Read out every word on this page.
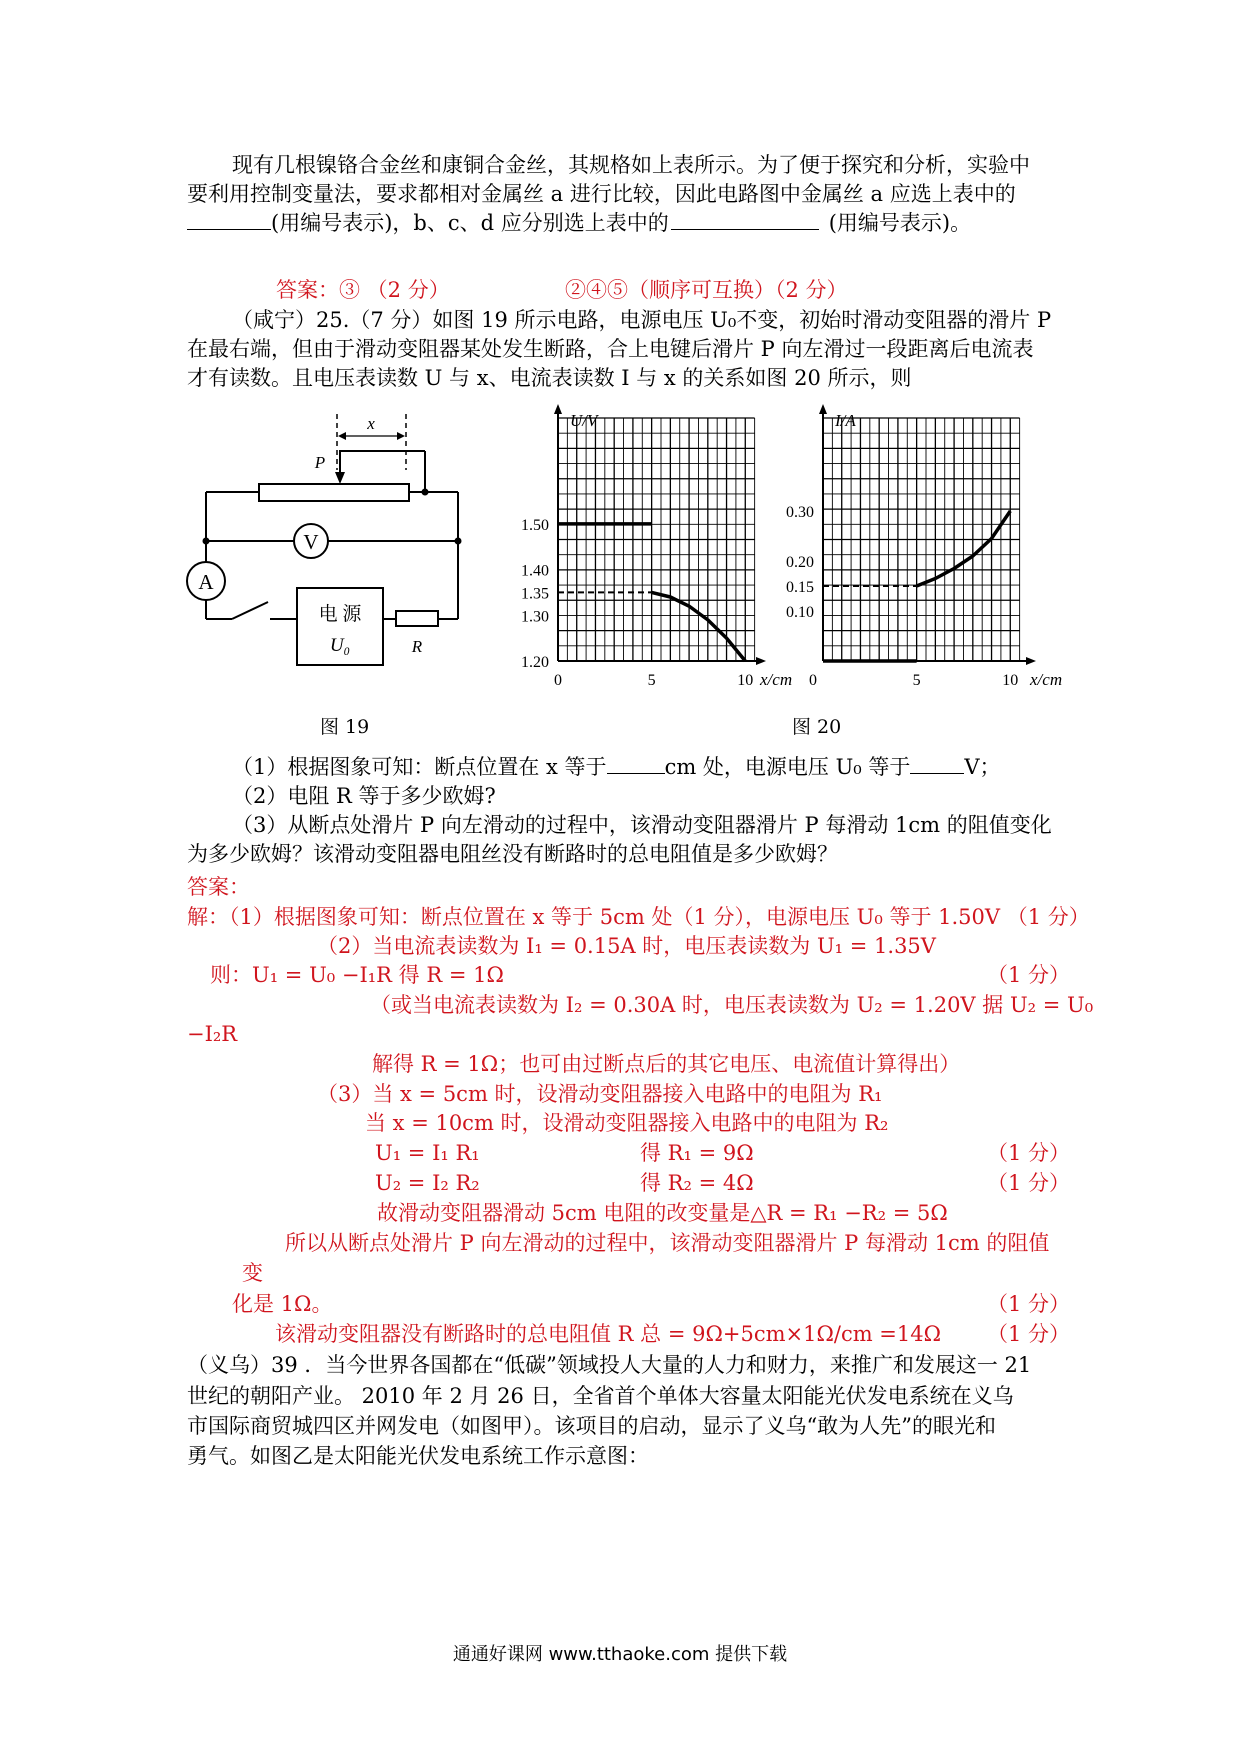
现有几根镍铬合金丝和康铜合金丝，其规格如上表所示。为了便于探究和分析，实验中
要利用控制变量法，要求都相对金属丝 a 进行比较，因此电路图中金属丝 a 应选上表中的
(用编号表示)，b、c、d 应分别选上表中的	(用编号表示)。
答案：③ （2 分）	②④⑤（顺序可互换）（2 分）
（咸宁）25.（7 分）如图 19 所示电路，电源电压 U₀不变，初始时滑动变阻器的滑片 P
在最右端，但由于滑动变阻器某处发生断路，合上电键后滑片 P 向左滑过一段距离后电流表
才有读数。且电压表读数 U 与 x、电流表读数 I 与 x 的关系如图 20 所示，则
x
P
V
A
电 源
U₀	R
图 19
1.20
1.30
1.35
1.40
1.50
0	5	10
U/V
x/cm
0.10
0.15
0.20
0.30
0	5	10
I/A
x/cm
图 20
（1）根据图象可知：断点位置在 x 等于	cm 处，电源电压 U₀ 等于	V；
（2）电阻 R 等于多少欧姆?
（3）从断点处滑片 P 向左滑动的过程中，该滑动变阻器滑片 P 每滑动 1cm 的阻值变化
为多少欧姆？该滑动变阻器电阻丝没有断路时的总电阻值是多少欧姆？
答案：
解：（1）根据图象可知：断点位置在 x 等于 5cm 处（1 分），电源电压 U₀ 等于 1.50V （1 分）
（2）当电流表读数为 I₁ = 0.15A 时，电压表读数为 U₁ = 1.35V
则：U₁ = U₀ −I₁R 得 R = 1Ω	（1 分）
（或当电流表读数为 I₂ = 0.30A 时，电压表读数为 U₂ = 1.20V 据 U₂ = U₀
−I₂R
解得 R = 1Ω；也可由过断点后的其它电压、电流值计算得出）
（3）当 x = 5cm 时，设滑动变阻器接入电路中的电阻为 R₁
当 x = 10cm 时，设滑动变阻器接入电路中的电阻为 R₂
U₁ = I₁ R₁	得 R₁ = 9Ω	（1 分）
U₂ = I₂ R₂	得 R₂ = 4Ω	（1 分）
故滑动变阻器滑动 5cm 电阻的改变量是△R = R₁ −R₂ = 5Ω
所以从断点处滑片 P 向左滑动的过程中，该滑动变阻器滑片 P 每滑动 1cm 的阻值
变
化是 1Ω。	（1 分）
该滑动变阻器没有断路时的总电阻值 R 总 = 9Ω+5cm×1Ω/cm =14Ω （1 分）
（义乌）39 ．当今世界各国都在“低碳”领域投人大量的人力和财力，来推广和发展这一 21
世纪的朝阳产业。 2010 年 2 月 26 日，全省首个单体大容量太阳能光伏发电系统在义乌
市国际商贸城四区并网发电（如图甲）。该项目的启动，显示了义乌“敢为人先”的眼光和
勇气。如图乙是太阳能光伏发电系统工作示意图：
通通好课网 www.tthaoke.com 提供下载
